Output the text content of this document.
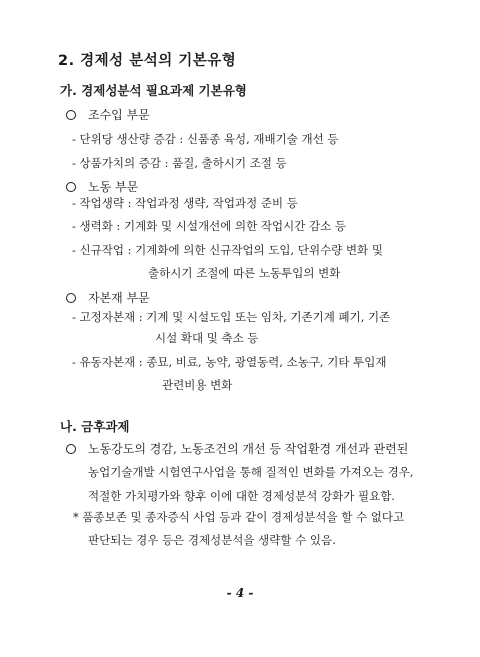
2. 경제성 분석의 기본유형
가. 경제성분석 필요과제 기본유형
조수입 부문
- 단위당 생산량 증감 : 신품종 육성, 재배기술 개선 등
- 상품가치의 증감 : 품질, 출하시기 조절 등
노동 부문
- 작업생략 : 작업과정 생략, 작업과정 준비 등
- 생력화 : 기계화 및 시설개선에 의한 작업시간 감소 등
- 신규작업 : 기계화에 의한 신규작업의 도입, 단위수량 변화 및
출하시기 조절에 따른 노동투입의 변화
자본재 부문
- 고정자본재 : 기계 및 시설도입 또는 임차, 기존기계 폐기, 기존
시설 확대 및 축소 등
- 유동자본재 : 종묘, 비료, 농약, 광열동력, 소농구, 기타 투입재
관련비용 변화
나. 금후과제
노동강도의 경감, 노동조건의 개선 등 작업환경 개선과 관련된
농업기술개발 시험연구사업을 통해 질적인 변화를 가져오는 경우,
적절한 가치평가와 향후 이에 대한 경제성분석 강화가 필요함.
* 품종보존 및 종자증식 사업 등과 같이 경제성분석을 할 수 없다고
판단되는 경우 등은 경제성분석을 생략할 수 있음.
- 4 -
